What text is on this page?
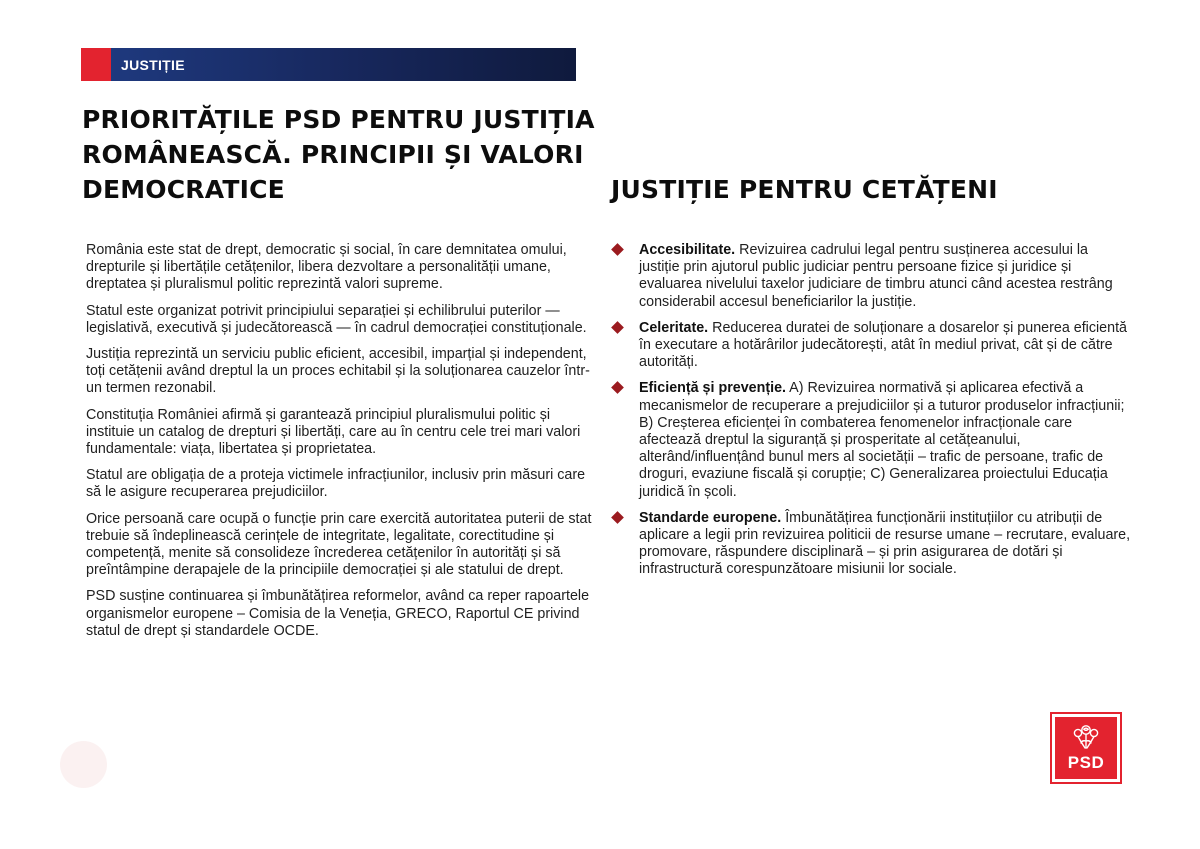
JUSTIȚIE
PRIORITĂȚILE PSD PENTRU JUSTIȚIA ROMÂNEASCĂ. PRINCIPII ȘI VALORI DEMOCRATICE	JUSTIȚIE PENTRU CETĂȚENI

România este stat de drept, democratic și social, în care demnitatea omului, drepturile și libertățile cetățenilor, libera dezvoltare a personalității umane, dreptatea și pluralismul politic reprezintă valori supreme.

Statul este organizat potrivit principiului separației și echilibrului puterilor — legislativă, executivă și judecătorească — în cadrul democrației constituționale.

Justiția reprezintă un serviciu public eficient, accesibil, imparțial și independent, toți cetățenii având dreptul la un proces echitabil și la soluționarea cauzelor într-un termen rezonabil.

Constituția României afirmă și garantează principiul pluralismului politic și instituie un catalog de drepturi și libertăți, care au în centru cele trei mari valori fundamentale: viața, libertatea și proprietatea.

Statul are obligația de a proteja victimele infracțiunilor, inclusiv prin măsuri care să le asigure recuperarea prejudiciilor.

Orice persoană care ocupă o funcție prin care exercită autoritatea puterii de stat trebuie să îndeplinească cerințele de integritate, legalitate, corectitudine și competență, menite să consolideze încrederea cetățenilor în autorități și să preîntâmpine derapajele de la principiile democrației și ale statului de drept.

PSD susține continuarea și îmbunătățirea reformelor, având ca reper rapoartele organismelor europene – Comisia de la Veneția, GRECO, Raportul CE privind statul de drept și standardele OCDE.

Accesibilitate. Revizuirea cadrului legal pentru susținerea accesului la justiție prin ajutorul public judiciar pentru persoane fizice și juridice și evaluarea nivelului taxelor judiciare de timbru atunci când acestea restrâng considerabil accesul beneficiarilor la justiție.
Celeritate. Reducerea duratei de soluționare a dosarelor și punerea eficientă în executare a hotărârilor judecătorești, atât în mediul privat, cât și de către autorități.
Eficiență și prevenție. A) Revizuirea normativă și aplicarea efectivă a mecanismelor de recuperare a prejudiciilor și a tuturor produselor infracțiunii; B) Creșterea eficienței în combaterea fenomenelor infracționale care afectează dreptul la siguranță și prosperitate al cetățeanului, alterând/influențând bunul mers al societății – trafic de persoane, trafic de droguri, evaziune fiscală și corupție; C) Generalizarea proiectului Educația juridică în școli.
Standarde europene. Îmbunătățirea funcționării instituțiilor cu atribuții de aplicare a legii prin revizuirea politicii de resurse umane – recrutare, evaluare, promovare, răspundere disciplinară – și prin asigurarea de dotări și infrastructură corespunzătoare misiunii lor sociale.
PSD
